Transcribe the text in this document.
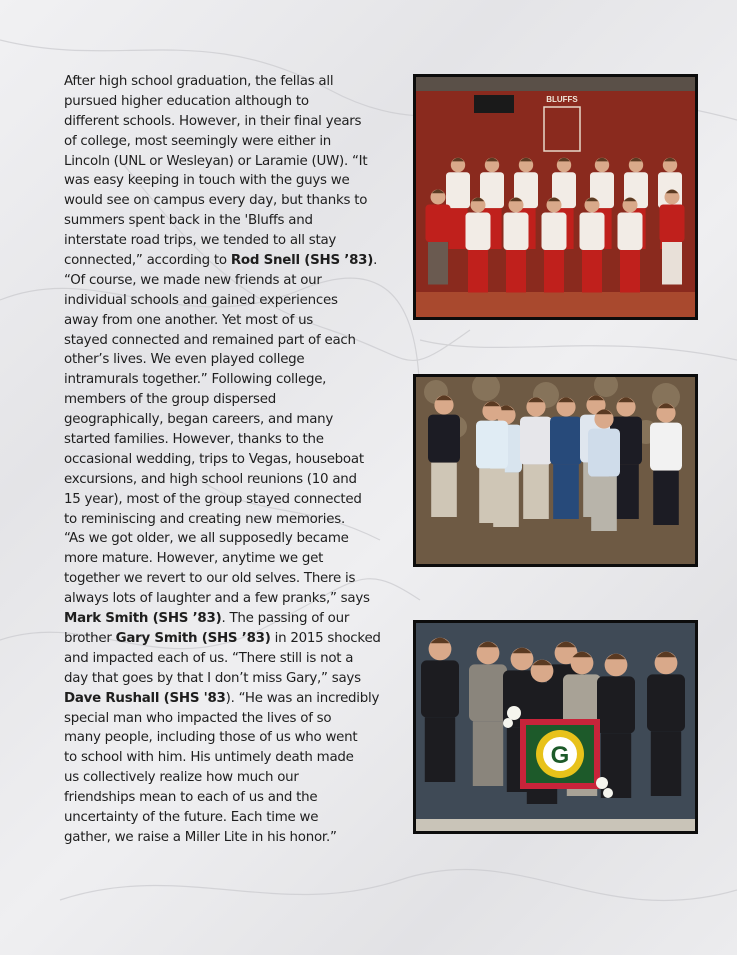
After high school graduation, the fellas all
pursued higher education although to
different schools. However, in their final years
of college, most seemingly were either in
Lincoln (UNL or Wesleyan) or Laramie (UW). “It
was easy keeping in touch with the guys we
would see on campus every day, but thanks to
summers spent back in the 'Bluffs and
interstate road trips, we tended to all stay
connected,” according to Rod Snell (SHS ’83).
“Of course, we made new friends at our
individual schools and gained experiences
away from one another. Yet most of us
stayed connected and remained part of each
other’s lives. We even played college
intramurals together.” Following college,
members of the group dispersed
geographically, began careers, and many
started families. However, thanks to the
occasional wedding, trips to Vegas, houseboat
excursions, and high school reunions (10 and
15 year), most of the group stayed connected
to reminiscing and creating new memories.
“As we got older, we all supposedly became
more mature. However, anytime we get
together we revert to our old selves. There is
always lots of laughter and a few pranks,” says
Mark Smith (SHS ’83). The passing of our
brother Gary Smith (SHS ’83) in 2015 shocked
and impacted each of us. “There still is not a
day that goes by that I don’t miss Gary,” says
Dave Rushall (SHS '83). “He was an incredibly
special man who impacted the lives of so
many people, including those of us who went
to school with him. His untimely death made
us collectively realize how much our
friendships mean to each of us and the
uncertainty of the future. Each time we
gather, we raise a Miller Lite in his honor.”
BLUFFS
G
